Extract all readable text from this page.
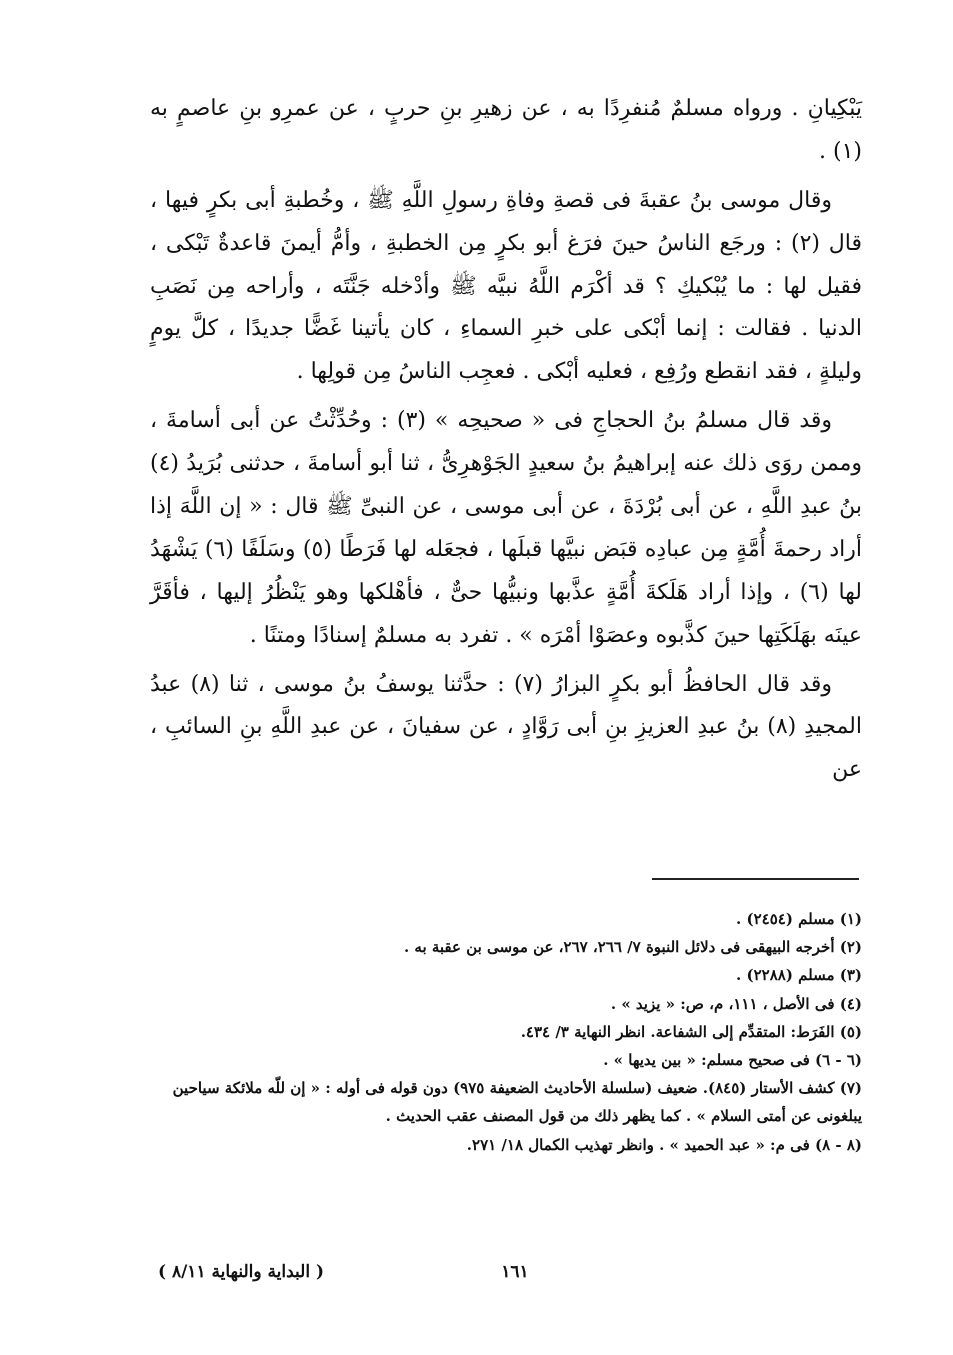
يَبْكِيانِ . ورواه مسلمٌ مُنفرِدًا به ، عن زهيرِ بنِ حربٍ ، عن عمرِو بنِ عاصمٍ به (١) .

وقال موسى بنُ عقبةَ فى قصةِ وفاةِ رسولِ اللَّهِ ﷺ ، وخُطبةِ أبى بكرٍ فيها ، قال (٢) : ورجَع الناسُ حينَ فرَغ أبو بكرٍ مِن الخطبةِ ، وأمُّ أيمنَ قاعدةٌ تَبْكى ، فقيل لها : ما يُبْكيكِ ؟ قد أكْرَم اللَّهُ نبيَّه ﷺ وأدْخله جَنَّتَه ، وأراحه مِن نَصَبِ الدنيا . فقالت : إنما أبْكى على خبرِ السماءِ ، كان يأتينا غَضًّا جديدًا ، كلَّ يومٍ وليلةٍ ، فقد انقطع ورُفِع ، فعليه أبْكى . فعجِب الناسُ مِن قولِها .

وقد قال مسلمُ بنُ الحجاجِ فى « صحيحِه » (٣) : وحُدِّثْتُ عن أبى أسامةَ ، وممن روَى ذلك عنه إبراهيمُ بنُ سعيدٍ الجَوْهرِىُّ ، ثنا أبو أسامةَ ، حدثنى بُرَيدُ (٤) بنُ عبدِ اللَّهِ ، عن أبى بُرْدَةَ ، عن أبى موسى ، عن النبىِّ ﷺ قال : « إن اللَّهَ إذا أراد رحمةَ أُمَّةٍ مِن عبادِه قبَض نبيَّها قبلَها ، فجعَله لها فَرَطًا (٥) وسَلَفًا (٦) يَشْهَدُ لها (٦) ، وإذا أراد هَلَكةَ أُمَّةٍ عذَّبها ونبيُّها حىٌّ ، فأهْلكها وهو يَنْظُرُ إليها ، فأقَرَّ عينَه بهَلَكَتِها حينَ كذَّبوه وعصَوْا أمْرَه » . تفرد به مسلمٌ إسنادًا ومتنًا .

وقد قال الحافظُ أبو بكرٍ البزارُ (٧) : حدَّثنا يوسفُ بنُ موسى ، ثنا (٨) عبدُ المجيدِ (٨) بنُ عبدِ العزيزِ بنِ أبى رَوَّادٍ ، عن سفيانَ ، عن عبدِ اللَّهِ بنِ السائبِ ، عن

(١) مسلم (٢٤٥٤) .
(٢) أخرجه البيهقى فى دلائل النبوة ٧/ ٢٦٦، ٢٦٧، عن موسى بن عقبة به .
(٣) مسلم (٢٢٨٨) .
(٤) فى الأصل ، ١١١، م، ص: « يزيد » .
(٥) الفَرَط: المتقدِّم إلى الشفاعة. انظر النهاية ٣/ ٤٣٤.
(٦ - ٦) فى صحيح مسلم: « بين يديها » .
(٧) كشف الأستار (٨٤٥). ضعيف (سلسلة الأحاديث الضعيفة ٩٧٥) دون قوله فى أوله : « إن للّه ملائكة سياحين يبلغونى عن أمتى السلام » . كما يظهر ذلك من قول المصنف عقب الحديث .
(٨ - ٨) فى م: « عبد الحميد » . وانظر تهذيب الكمال ١٨/ ٢٧١.
١٦١
( البداية والنهاية ٨/١١ )
